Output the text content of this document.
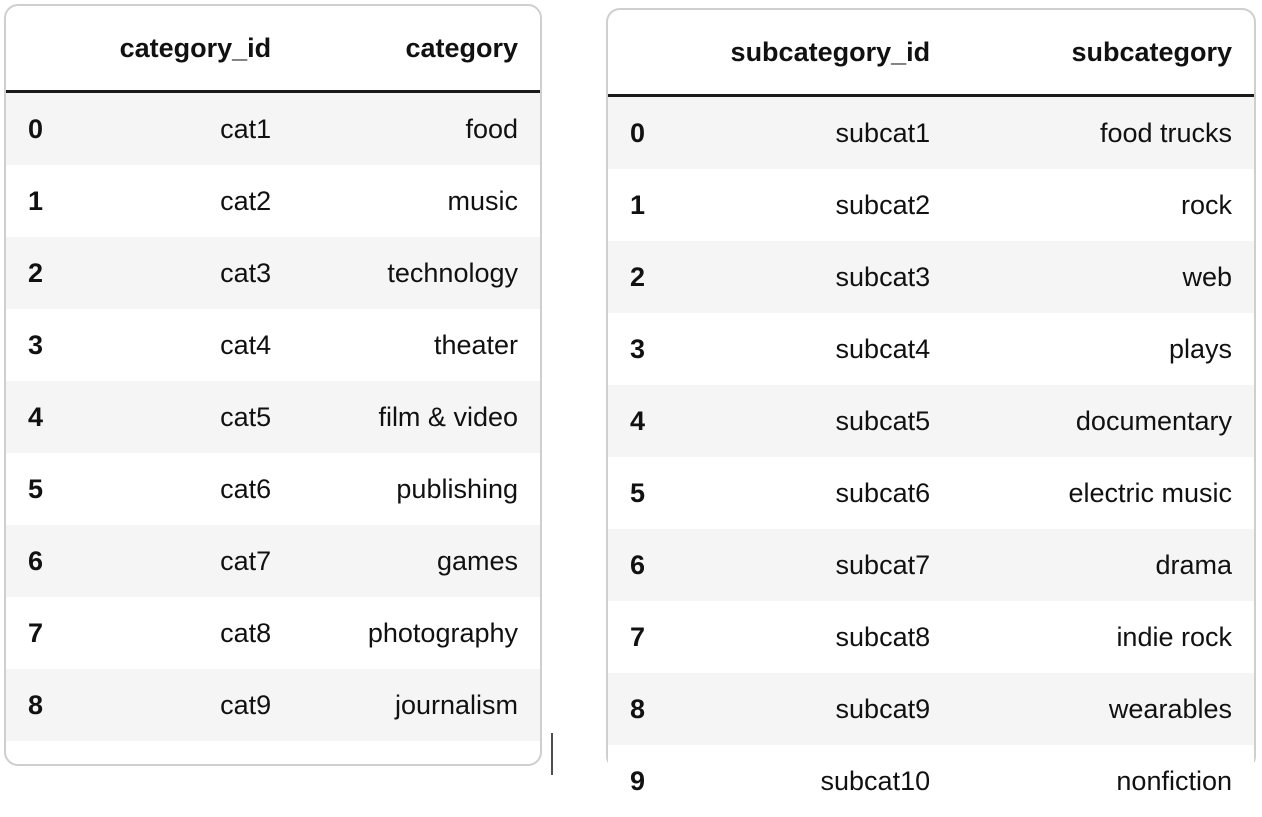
	category_id	category
0	cat1	food
1	cat2	music
2	cat3	technology
3	cat4	theater
4	cat5	film & video
5	cat6	publishing
6	cat7	games
7	cat8	photography
8	cat9	journalism
	subcategory_id	subcategory
0	subcat1	food trucks
1	subcat2	rock
2	subcat3	web
3	subcat4	plays
4	subcat5	documentary
5	subcat6	electric music
6	subcat7	drama
7	subcat8	indie rock
8	subcat9	wearables
9	subcat10	nonfiction
